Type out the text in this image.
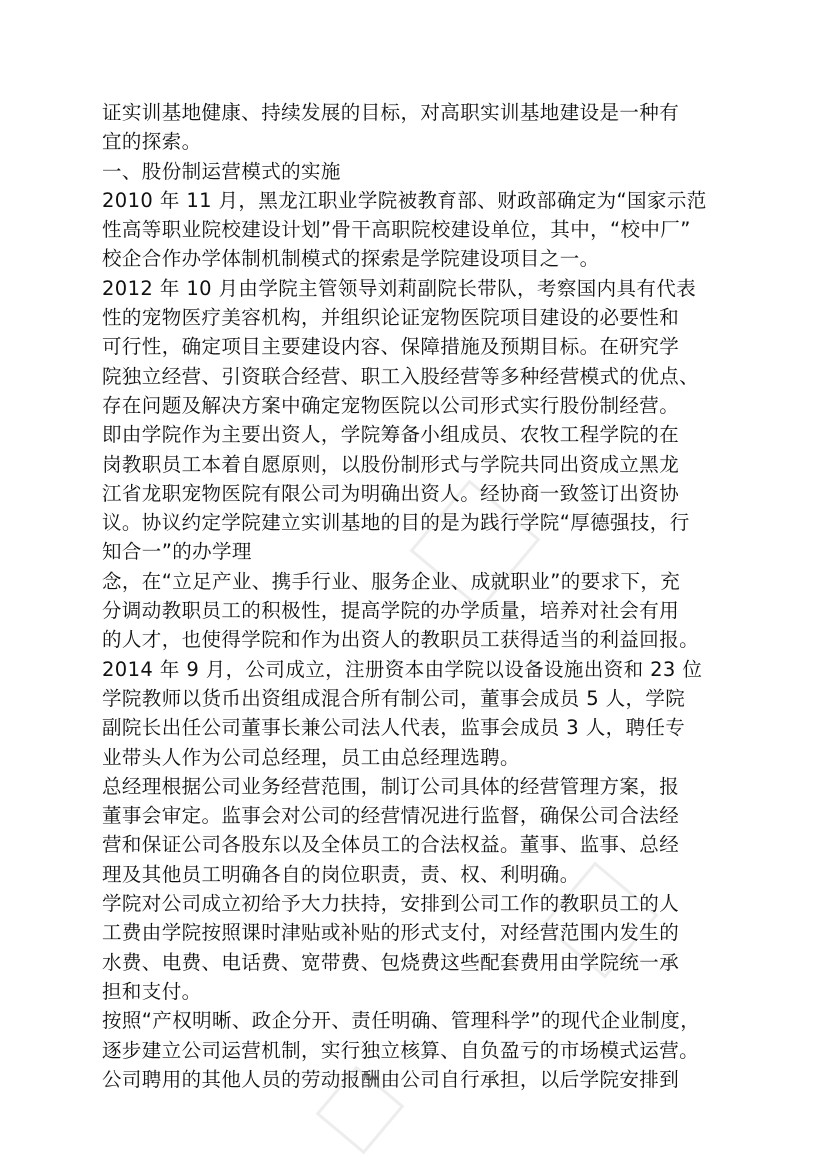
证实训基地健康、持续发展的目标，对高职实训基地建设是一种有
宜的探索。
一、股份制运营模式的实施
2010 年 11 月，黑龙江职业学院被教育部、财政部确定为“国家示范
性高等职业院校建设计划”骨干高职院校建设单位，其中，“校中厂”
校企合作办学体制机制模式的探索是学院建设项目之一。
2012 年 10 月由学院主管领导刘莉副院长带队，考察国内具有代表
性的宠物医疗美容机构，并组织论证宠物医院项目建设的必要性和
可行性，确定项目主要建设内容、保障措施及预期目标。在研究学
院独立经营、引资联合经营、职工入股经营等多种经营模式的优点、
存在问题及解决方案中确定宠物医院以公司形式实行股份制经营。
即由学院作为主要出资人，学院筹备小组成员、农牧工程学院的在
岗教职员工本着自愿原则，以股份制形式与学院共同出资成立黑龙
江省龙职宠物医院有限公司为明确出资人。经协商一致签订出资协
议。协议约定学院建立实训基地的目的是为践行学院“厚德强技，行
知合一”的办学理
念，在“立足产业、携手行业、服务企业、成就职业”的要求下，充
分调动教职员工的积极性，提高学院的办学质量，培养对社会有用
的人才，也使得学院和作为出资人的教职员工获得适当的利益回报。
2014 年 9 月，公司成立，注册资本由学院以设备设施出资和 23 位
学院教师以货币出资组成混合所有制公司，董事会成员 5 人，学院
副院长出任公司董事长兼公司法人代表，监事会成员 3 人，聘任专
业带头人作为公司总经理，员工由总经理选聘。
总经理根据公司业务经营范围，制订公司具体的经营管理方案，报
董事会审定。监事会对公司的经营情况进行监督，确保公司合法经
营和保证公司各股东以及全体员工的合法权益。董事、监事、总经
理及其他员工明确各自的岗位职责，责、权、利明确。
学院对公司成立初给予大力扶持，安排到公司工作的教职员工的人
工费由学院按照课时津贴或补贴的形式支付，对经营范围内发生的
水费、电费、电话费、宽带费、包烧费这些配套费用由学院统一承
担和支付。
按照“产权明晰、政企分开、责任明确、管理科学”的现代企业制度，
逐步建立公司运营机制，实行独立核算、自负盈亏的市场模式运营。
公司聘用的其他人员的劳动报酬由公司自行承担，以后学院安排到
